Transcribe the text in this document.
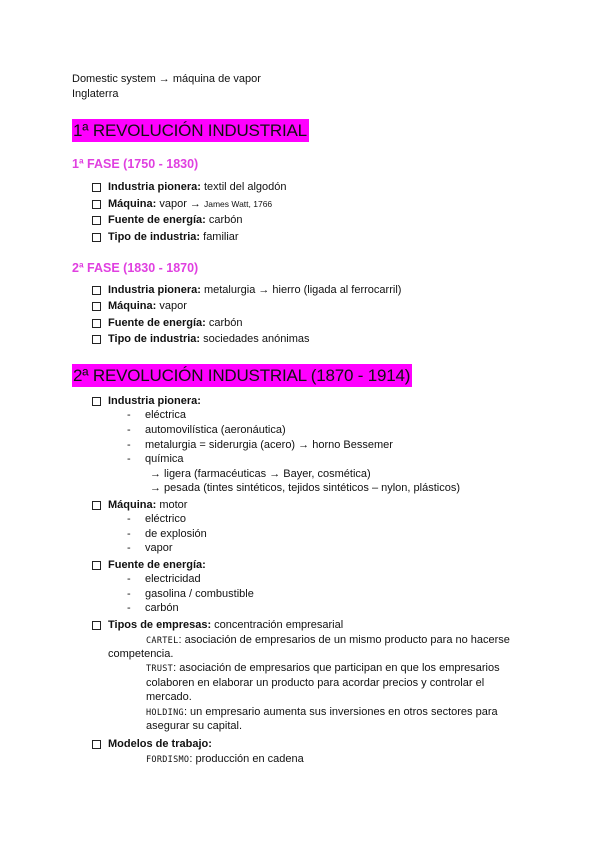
Domestic system → máquina de vapor
Inglaterra
1ª REVOLUCIÓN INDUSTRIAL
1ª FASE (1750 - 1830)
Industria pionera: textil del algodón
Máquina: vapor → James Watt, 1766
Fuente de energía: carbón
Tipo de industria: familiar
2ª FASE (1830 - 1870)
Industria pionera: metalurgia → hierro (ligada al ferrocarril)
Máquina: vapor
Fuente de energía: carbón
Tipo de industria: sociedades anónimas
2ª REVOLUCIÓN INDUSTRIAL (1870 - 1914)
Industria pionera:
- eléctrica
- automovilística (aeronáutica)
- metalurgia = siderurgia (acero) → horno Bessemer
- química
→ ligera (farmacéuticas → Bayer, cosmética)
→ pesada (tintes sintéticos, tejidos sintéticos – nylon, plásticos)
Máquina: motor
- eléctrico
- de explosión
- vapor
Fuente de energía:
- electricidad
- gasolina / combustible
- carbón
Tipos de empresas: concentración empresarial
CARTEL: asociación de empresarios de un mismo producto para no hacerse
competencia.
TRUST: asociación de empresarios que participan en que los empresarios
colaboren en elaborar un producto para acordar precios y controlar el
mercado.
HOLDING: un empresario aumenta sus inversiones en otros sectores para
asegurar su capital.
Modelos de trabajo:
FORDISMO: producción en cadena
